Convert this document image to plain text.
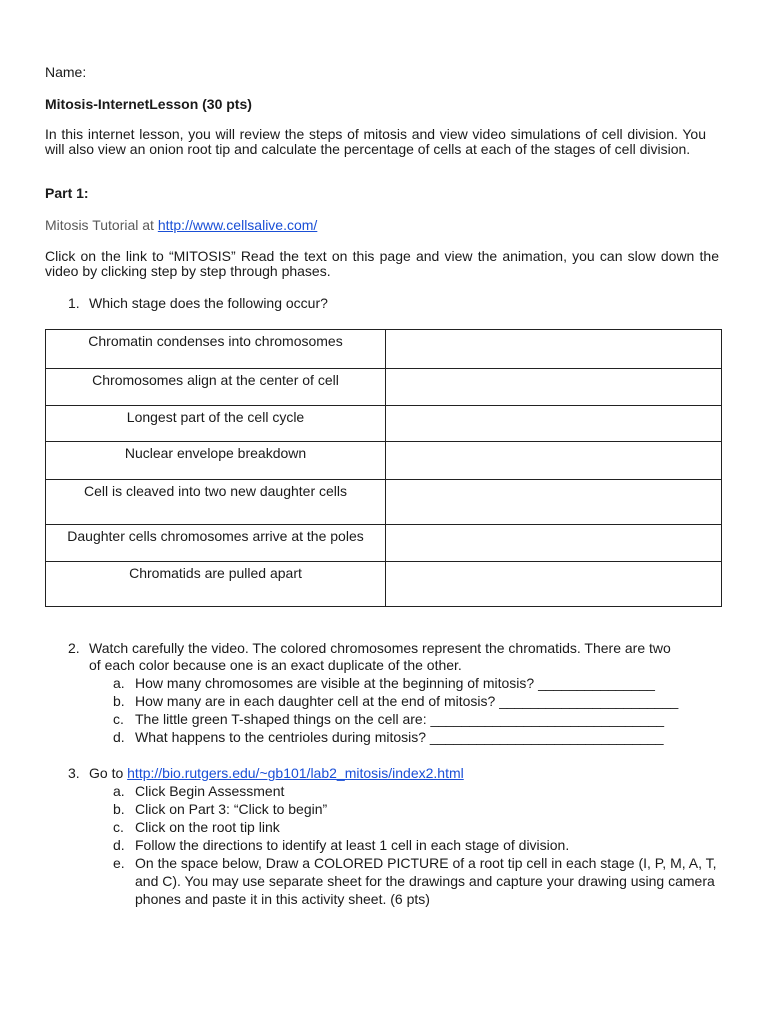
Name:
Mitosis-InternetLesson (30 pts)
In this internet lesson, you will review the steps of mitosis and view video simulations of cell division. You will also view an onion root tip and calculate the percentage of cells at each of the stages of cell division.
Part 1:
Mitosis Tutorial at http://www.cellsalive.com/
Click on the link to “MITOSIS” Read the text on this page and view the animation, you can slow down the video by clicking step by step through phases.
1. Which stage does the following occur?
Chromatin condenses into chromosomes	
Chromosomes align at the center of cell	
Longest part of the cell cycle	
Nuclear envelope breakdown	
Cell is cleaved into two new daughter cells	
Daughter cells chromosomes arrive at the poles	
Chromatids are pulled apart	
2. Watch carefully the video. The colored chromosomes represent the chromatids. There are two
of each color because one is an exact duplicate of the other.
a. How many chromosomes are visible at the beginning of mitosis? _______________
b. How many are in each daughter cell at the end of mitosis? _______________________
c. The little green T-shaped things on the cell are: ______________________________
d. What happens to the centrioles during mitosis? ______________________________
3. Go to http://bio.rutgers.edu/~gb101/lab2_mitosis/index2.html
a. Click Begin Assessment
b. Click on Part 3: “Click to begin”
c. Click on the root tip link
d. Follow the directions to identify at least 1 cell in each stage of division.
e. On the space below, Draw a COLORED PICTURE of a root tip cell in each stage (I, P, M, A, T, and C). You may use separate sheet for the drawings and capture your drawing using camera phones and paste it in this activity sheet. (6 pts)
